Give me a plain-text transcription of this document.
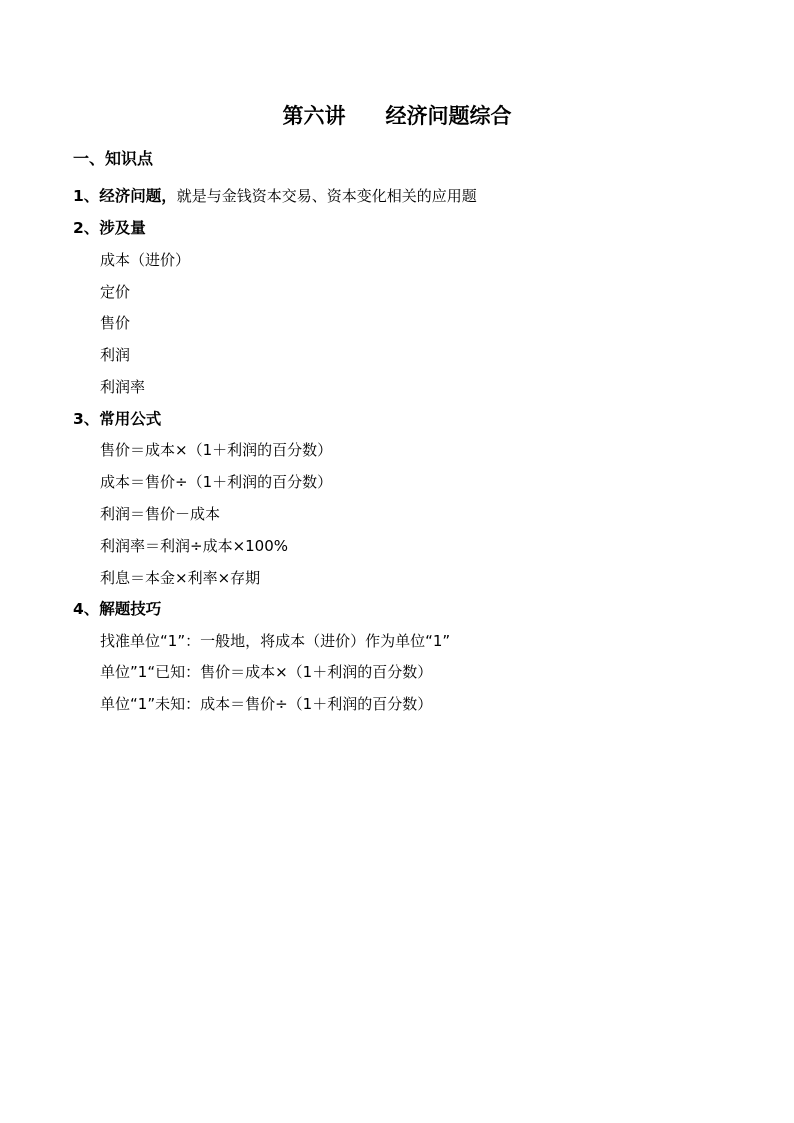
第六讲 经济问题综合
一、知识点
1、经济问题，就是与金钱资本交易、资本变化相关的应用题
2、涉及量
成本（进价）
定价
售价
利润
利润率
3、常用公式
售价＝成本×（1＋利润的百分数）
成本＝售价÷（1＋利润的百分数）
利润＝售价－成本
利润率＝利润÷成本×100%
利息＝本金×利率×存期
4、解题技巧
找准单位“1”：一般地，将成本（进价）作为单位“1”
单位”1“已知：售价＝成本×（1＋利润的百分数）
单位“1”未知：成本＝售价÷（1＋利润的百分数）
